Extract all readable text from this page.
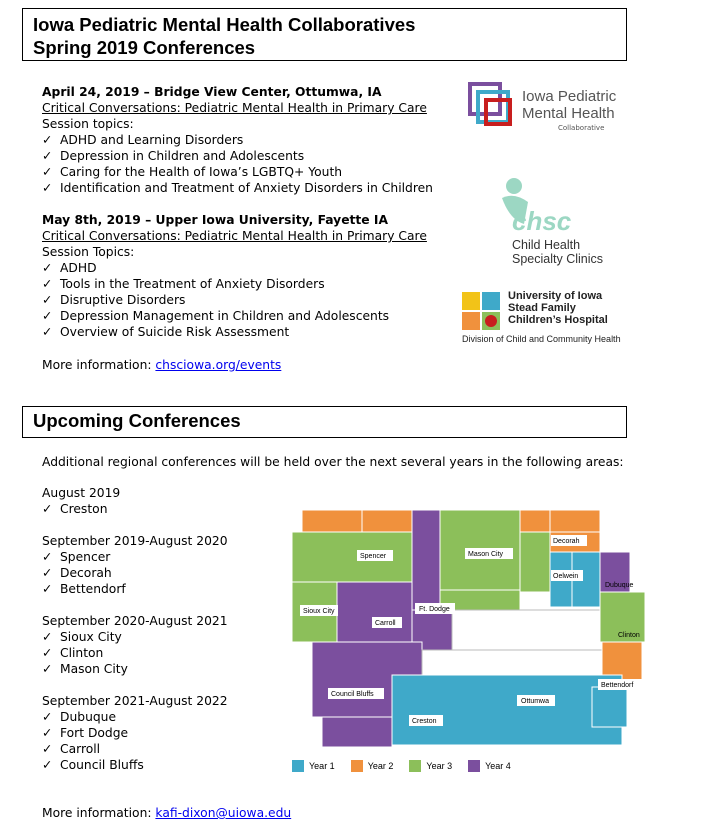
Iowa Pediatric Mental Health Collaboratives
Spring 2019 Conferences
April 24, 2019 – Bridge View Center, Ottumwa, IA
Critical Conversations: Pediatric Mental Health in Primary Care
Session topics:
✓ ADHD and Learning Disorders
✓ Depression in Children and Adolescents
✓ Caring for the Health of Iowa’s LGBTQ+ Youth
✓ Identification and Treatment of Anxiety Disorders in Children
May 8th, 2019 – Upper Iowa University, Fayette IA
Critical Conversations: Pediatric Mental Health in Primary Care
Session Topics:
✓ ADHD
✓ Tools in the Treatment of Anxiety Disorders
✓ Disruptive Disorders
✓ Depression Management in Children and Adolescents
✓ Overview of Suicide Risk Assessment
More information: chsciowa.org/events
Iowa Pediatric
Mental Health
Collaborative
chsc
Child Health
Specialty Clinics
University of Iowa
Stead Family
Children’s Hospital
Division of Child and Community Health
Upcoming Conferences
Additional regional conferences will be held over the next several years in the following areas:
August 2019
✓ Creston
September 2019-August 2020
✓ Spencer
✓ Decorah
✓ Bettendorf
September 2020-August 2021
✓ Sioux City
✓ Clinton
✓ Mason City
September 2021-August 2022
✓ Dubuque
✓ Fort Dodge
✓ Carroll
✓ Council Bluffs
Spencer	Mason City
Decorah
Oelwein
Dubuque
Sioux City	Ft. Dodge
Carroll
Clinton
Council Bluffs
Ottumwa
Bettendorf
Creston
Year 1	Year 2	Year 3	Year 4
More information: kafi-dixon@uiowa.edu
